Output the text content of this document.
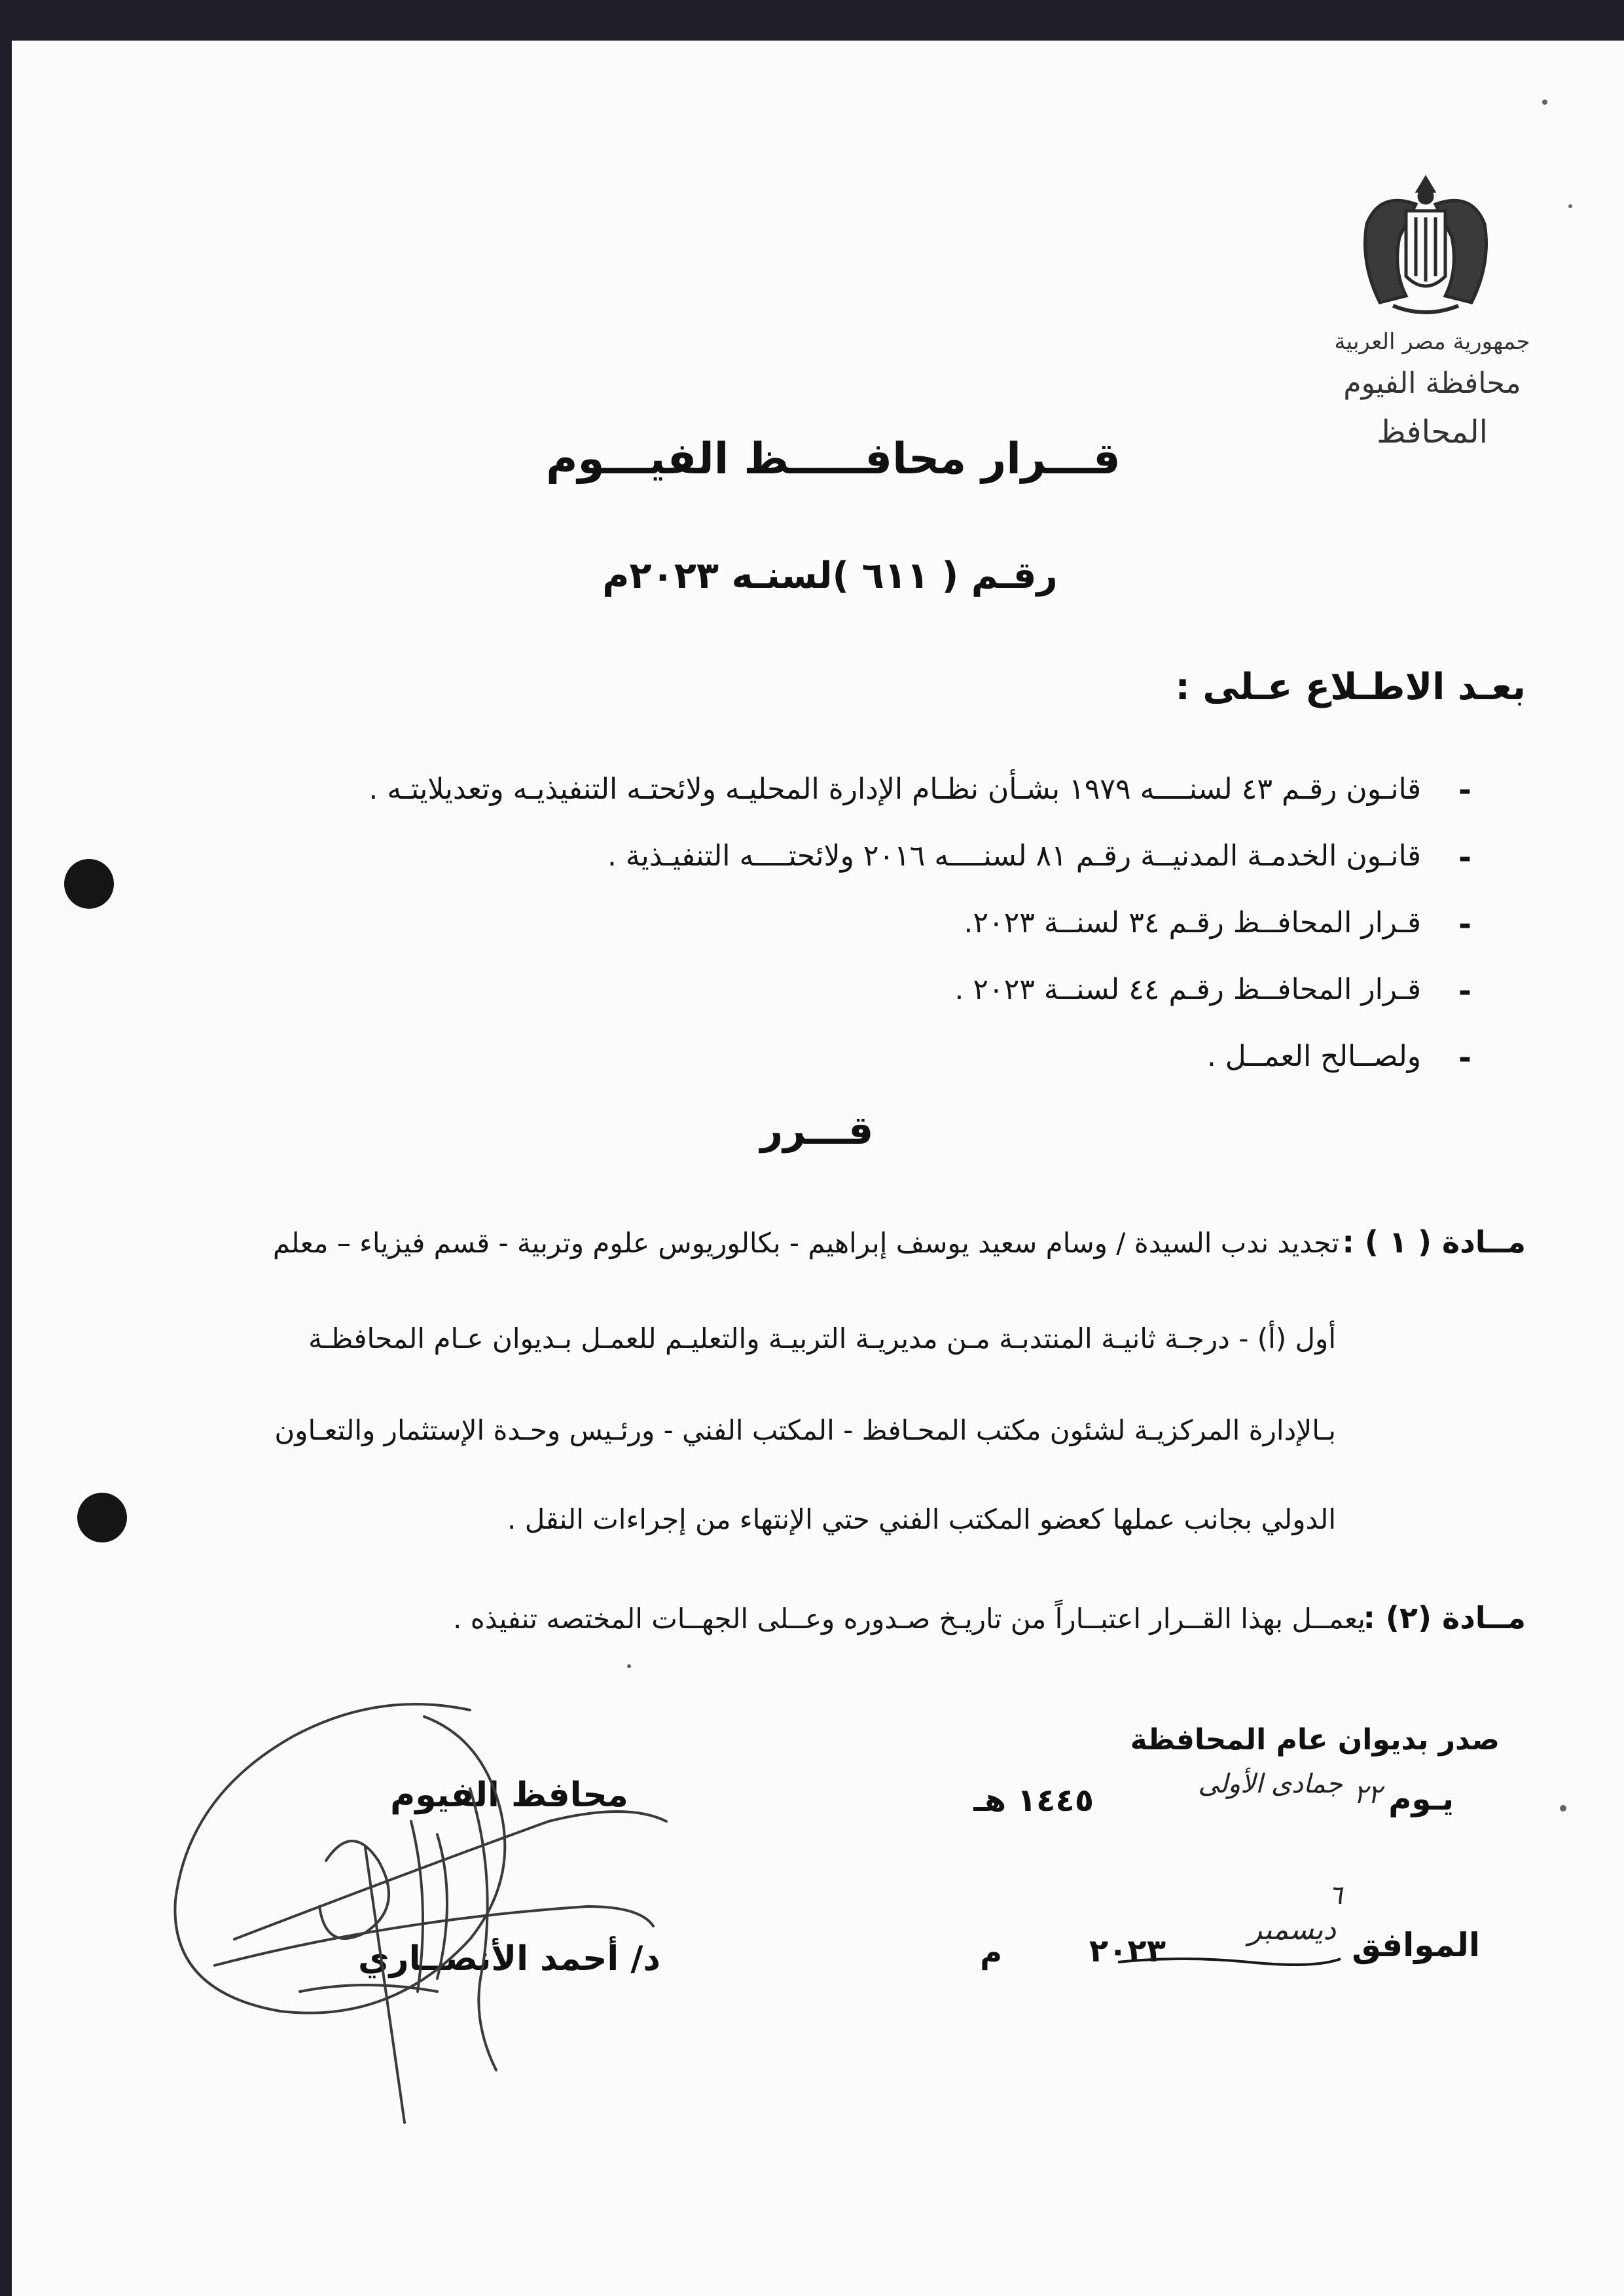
جمهورية مصر العربية
محافظة الفيوم
المحافظ
قـــرار محافـــــظ الفيـــوم
رقـم ( ٦١١ )لسنـه ٢٠٢٣م
بعـد الاطـلاع عـلى :
-
قانـون رقـم ٤٣ لسنــــه ١٩٧٩ بشـأن نظـام الإدارة المحليـه ولائحتـه التنفيذيـه وتعديلايتـه .
-
قانـون الخدمـة المدنيــة رقـم ٨١ لسنــــه ٢٠١٦ ولائحتــــه التنفيـذية .
-
قـرار المحافــظ رقـم ٣٤ لسنــة ٢٠٢٣.
-
قـرار المحافــظ رقـم ٤٤ لسنــة ٢٠٢٣ .
-
ولصــالح العمــل .
قـــرر
مــادة ( ١ ) :
تجديد ندب السيدة / وسام سعيد يوسف إبراهيم - بكالوريوس علوم وتربية - قسم فيزياء – معلم
أول (أ) - درجـة ثانيـة المنتدبـة مـن مديريـة التربيـة والتعليـم للعمـل بـديوان عـام المحافظـة
بـالإدارة المركزيـة لشئون مكتب المحـافظ - المكتب الفني - ورئـيس وحـدة الإستثمار والتعـاون
الدولي بجانب عملها كعضو المكتب الفني حتي الإنتهاء من إجراءات النقل .
مــادة (٢) :
يعمــل بهذا القــرار اعتبــاراً من تاريـخ صـدوره وعــلى الجهــات المختصه تنفيذه .
صدر بديوان عام المحافظة
يـوم
٢٢
جمادى الأولى
١٤٤٥ هـ
الموافق
٦
ديسمبر
٢٠٢٣
م
محافظ الفيوم
د/ أحمد الأنصــاري
